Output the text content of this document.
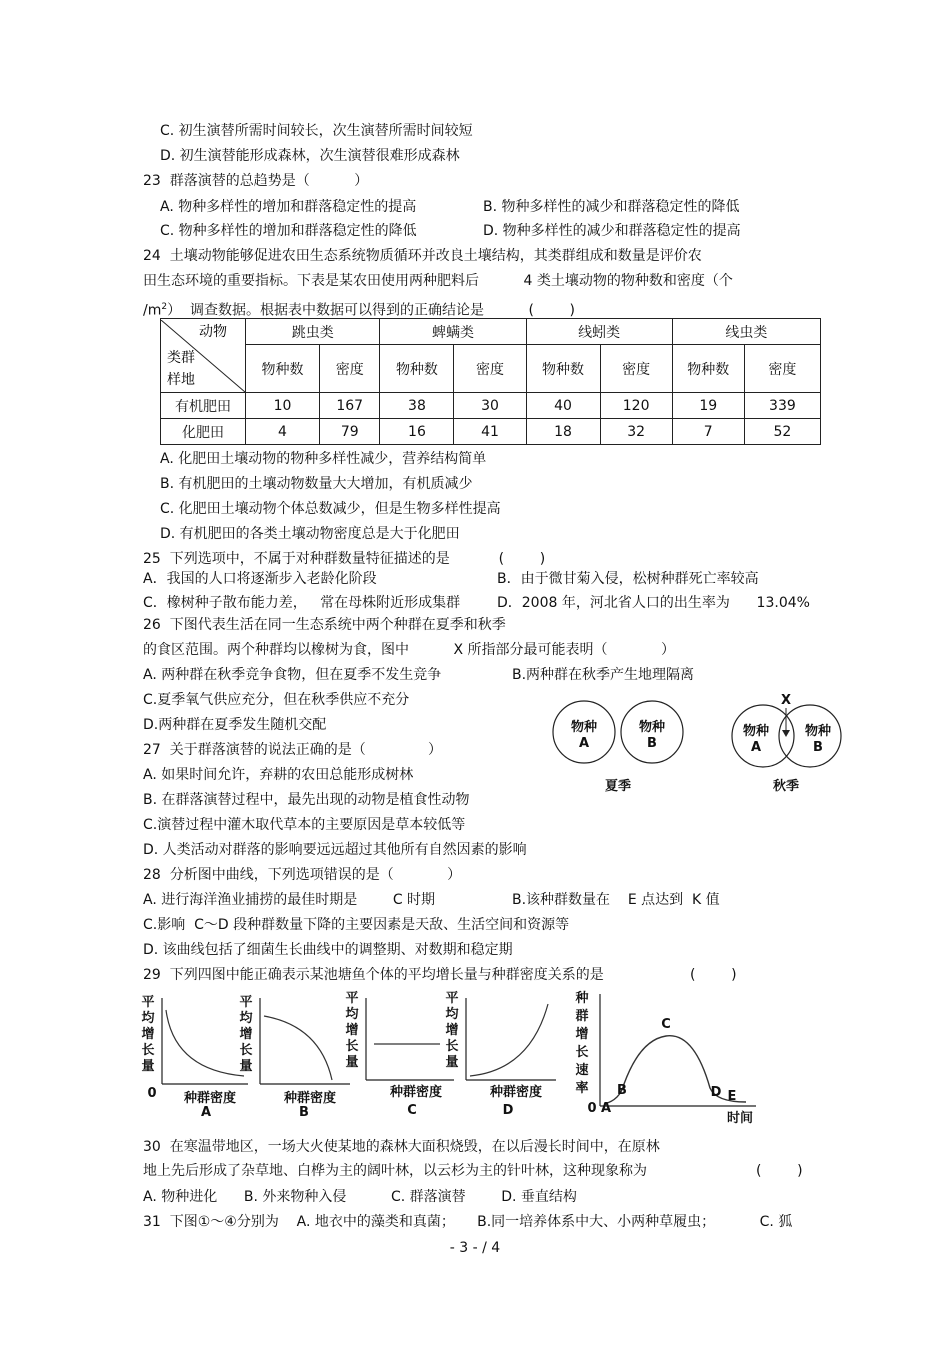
C. 初生演替所需时间较长，次生演替所需时间较短
D. 初生演替能形成森林，次生演替很难形成森林
23  群落演替的总趋势是（          ）
A. 物种多样性的增加和群落稳定性的提高	B. 物种多样性的减少和群落稳定性的降低
C. 物种多样性的增加和群落稳定性的降低	D. 物种多样性的减少和群落稳定性的提高
24  土壤动物能够促进农田生态系统物质循环并改良土壤结构，其类群组成和数量是评价农
田生态环境的重要指标。下表是某农田使用两种肥料后          4 类土壤动物的物种数和密度（个
$/m^2$）  调查数据。根据表中数据可以得到的正确结论是          (        )
动物
类群
样地	跳虫类		蜱螨类		线蚓类		线虫类	
	物种数	密度	物种数	密度	物种数	密度	物种数	密度
有机肥田	10	167	38	30	40	120	19	339
化肥田	4	79	16	41	18	32	7	52
A. 化肥田土壤动物的物种多样性减少，营养结构简单
B. 有机肥田的土壤动物数量大大增加，有机质减少
C. 化肥田土壤动物个体总数减少，但是生物多样性提高
D. 有机肥田的各类土壤动物密度总是大于化肥田
25  下列选项中，不属于对种群数量特征描述的是           (        )
A．我国的人口将逐渐步入老龄化阶段	B．由于微甘菊入侵，松树种群死亡率较高
C．橡树种子散布能力差，   常在母株附近形成集群	D．2008 年，河北省人口的出生率为      13.04%
26  下图代表生活在同一生态系统中两个种群在夏季和秋季
的食区范围。两个种群均以橡树为食，图中          X 所指部分最可能表明（            ）
A. 两种群在秋季竞争食物，但在夏季不发生竞争	B.两种群在秋季产生地理隔离
C.夏季氧气供应充分，但在秋季供应不充分
D.两种群在夏季发生随机交配	物种
A
物种
B
夏季
物种
A
物种
B
X
秋季
27  关于群落演替的说法正确的是（              ）
A. 如果时间允许，弃耕的农田总能形成树林
B. 在群落演替过程中，最先出现的动物是植食性动物
C.演替过程中灌木取代草本的主要原因是草本较低等
D. 人类活动对群落的影响要远远超过其他所有自然因素的影响
28  分析图中曲线，下列选项错误的是（            ）
A. 进行海洋渔业捕捞的最佳时期是        C 时期	B.该种群数量在    E 点达到  K 值
C.影响  C～D 段种群数量下降的主要因素是天敌、生活空间和资源等
D. 该曲线包括了细菌生长曲线中的调整期、对数期和稳定期
29  下列四图中能正确表示某池塘鱼个体的平均增长量与种群密度关系的是	(        )
平
均
增
长
量
0 种群密度
A
平
均
增
长
量
种群密度
B
平
均
增
长
量
种群密度
C
平
均
增
长
量
种群密度
D
种
群
增
长
速
率
0 A
B
C
D E
时间
30  在寒温带地区，一场大火使某地的森林大面积烧毁，在以后漫长时间中，在原林
地上先后形成了杂草地、白桦为主的阔叶林，以云杉为主的针叶林，这种现象称为	(        )
A. 物种进化      B. 外来物种入侵          C. 群落演替        D. 垂直结构
31  下图①～④分别为    A. 地衣中的藻类和真菌；     B.同一培养体系中大、小两种草履虫；          C. 狐
- 3 - / 4
